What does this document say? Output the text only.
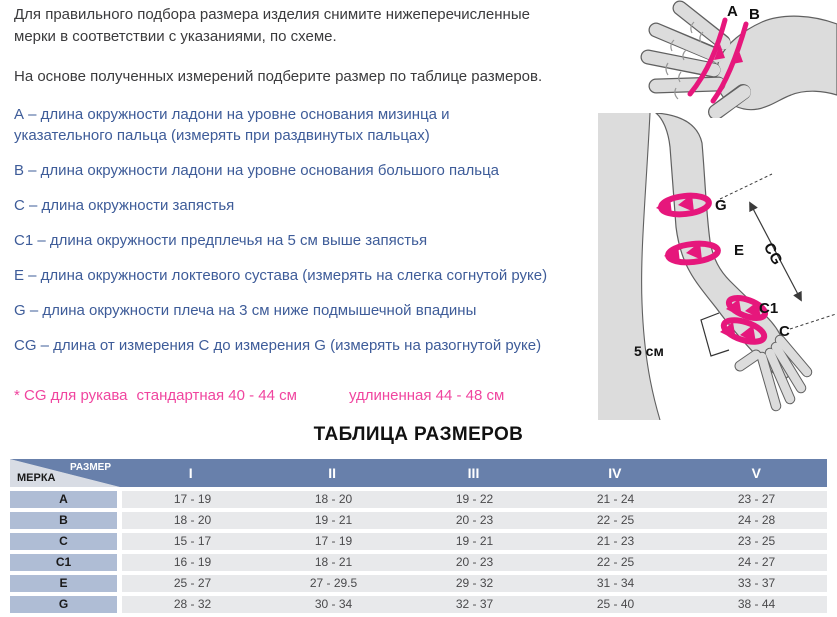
Для правильного подбора размера изделия снимите нижеперечисленные мерки в соответствии с указаниями, по схеме.

На основе полученных измерений подберите размер по таблице размеров.

А – длина окружности ладони на уровне основания мизинца и указательного пальца (измерять при раздвинутых пальцах)
В – длина окружности ладони на уровне основания большого пальца
С – длина окружности запястья
С1 – длина окружности предплечья на 5 см выше запястья
Е – длина окружности локтевого сустава (измерять на слегка согнутой руке)
G – длина окружности плеча на 3 см ниже подмышечной впадины
CG – длина от измерения С до измерения G (измерять на разогнутой руке)

* CG для рукава стандартная 40 - 44 см	удлиненная 44 - 48 см

ТАБЛИЦА РАЗМЕРОВ
РАЗМЕР
МЕРКА	I	II	III	IV	V
А	17 - 19	18 - 20	19 - 22	21 - 24	23 - 27
В	18 - 20	19 - 21	20 - 23	22 - 25	24 - 28
С	15 - 17	17 - 19	19 - 21	21 - 23	23 - 25
С1	16 - 19	18 - 21	20 - 23	22 - 25	24 - 27
Е	25 - 27	27 - 29.5	29 - 32	31 - 34	33 - 37
G	28 - 32	30 - 34	32 - 37	25 - 40	38 - 44
A B
G
E
C1
C
5 см
CG
